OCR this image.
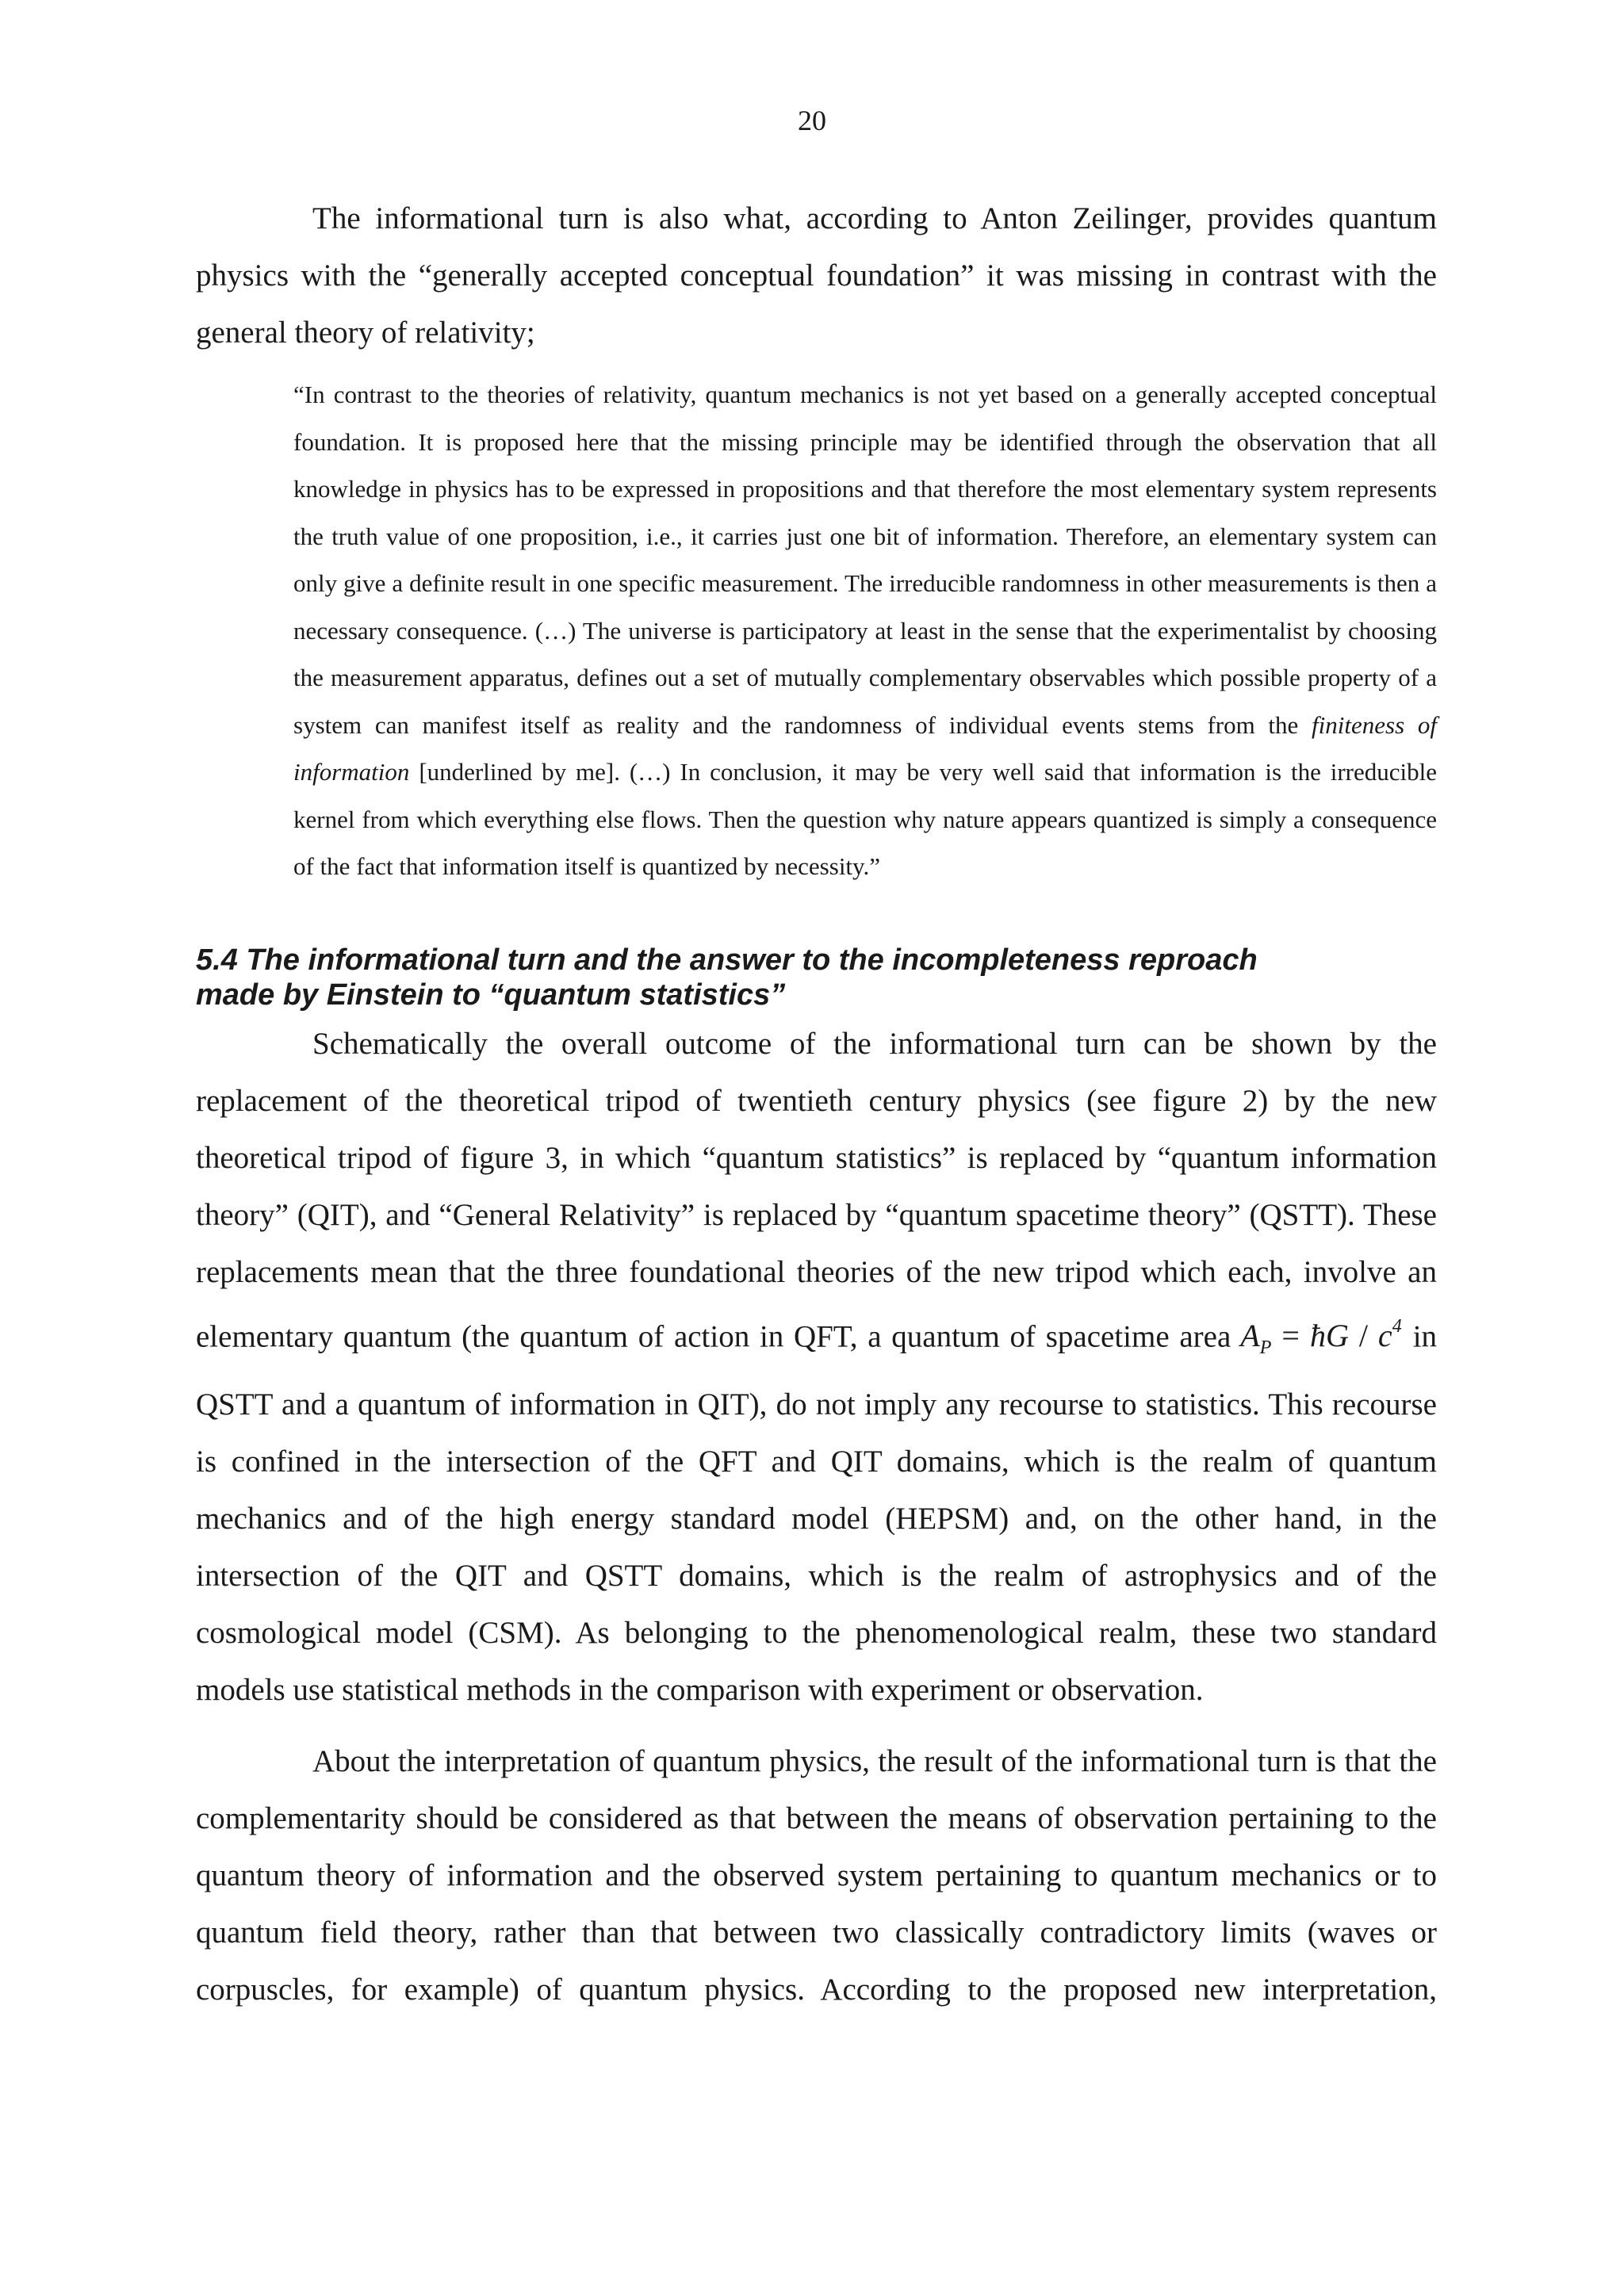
20

The informational turn is also what, according to Anton Zeilinger, provides quantum physics with the “generally accepted conceptual foundation” it was missing in contrast with the general theory of relativity;

“In contrast to the theories of relativity, quantum mechanics is not yet based on a generally accepted conceptual foundation. It is proposed here that the missing principle may be identified through the observation that all knowledge in physics has to be expressed in propositions and that therefore the most elementary system represents the truth value of one proposition, i.e., it carries just one bit of information. Therefore, an elementary system can only give a definite result in one specific measurement. The irreducible randomness in other measurements is then a necessary consequence. (…) The universe is participatory at least in the sense that the experimentalist by choosing the measurement apparatus, defines out a set of mutually complementary observables which possible property of a system can manifest itself as reality and the randomness of individual events stems from the finiteness of information [underlined by me]. (…) In conclusion, it may be very well said that information is the irreducible kernel from which everything else flows. Then the question why nature appears quantized is simply a consequence of the fact that information itself is quantized by necessity.”
5.4 The informational turn and the answer to the incompleteness reproach
made by Einstein to “quantum statistics”

Schematically the overall outcome of the informational turn can be shown by the replacement of the theoretical tripod of twentieth century physics (see figure 2) by the new theoretical tripod of figure 3, in which “quantum statistics” is replaced by “quantum information theory” (QIT), and “General Relativity” is replaced by “quantum spacetime theory” (QSTT). These replacements mean that the three foundational theories of the new tripod which each, involve an elementary quantum (the quantum of action in QFT, a quantum of spacetime area $A_P$ = ħG / $c^4$ in QSTT and a quantum of information in QIT), do not imply any recourse to statistics. This recourse is confined in the intersection of the QFT and QIT domains, which is the realm of quantum mechanics and of the high energy standard model (HEPSM) and, on the other hand, in the intersection of the QIT and QSTT domains, which is the realm of astrophysics and of the cosmological model (CSM). As belonging to the phenomenological realm, these two standard models use statistical methods in the comparison with experiment or observation.

About the interpretation of quantum physics, the result of the informational turn is that the complementarity should be considered as that between the means of observation pertaining to the quantum theory of information and the observed system pertaining to quantum mechanics or to quantum field theory, rather than that between two classically contradictory limits (waves or corpuscles, for example) of quantum physics. According to the proposed new interpretation,
